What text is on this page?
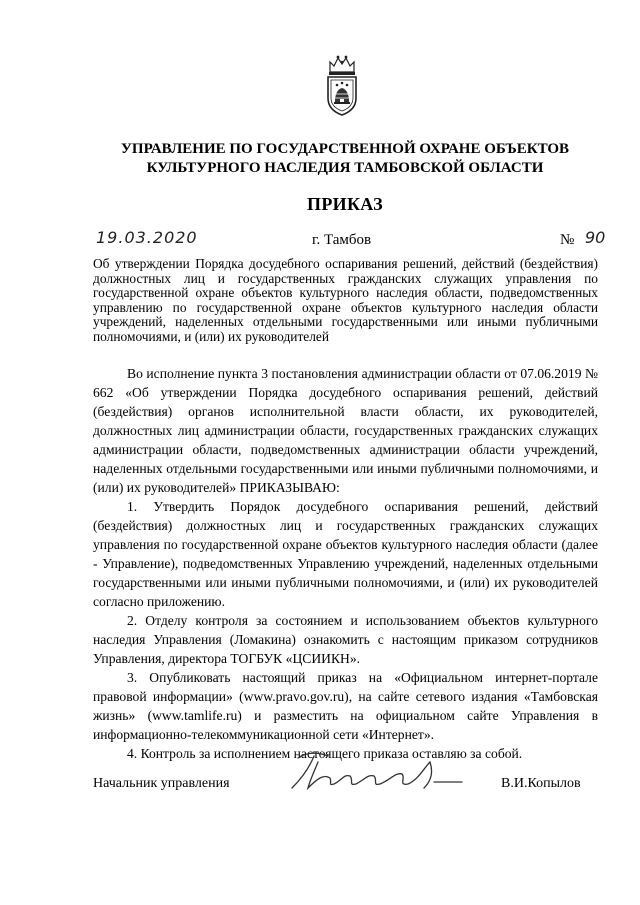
УПРАВЛЕНИЕ ПО ГОСУДАРСТВЕННОЙ ОХРАНЕ ОБЪЕКТОВ
КУЛЬТУРНОГО НАСЛЕДИЯ ТАМБОВСКОЙ ОБЛАСТИ
ПРИКАЗ
19.03.2020	г. Тамбов	№ 90
Об утверждении Порядка досудебного оспаривания решений, действий (бездействия) должностных лиц и государственных гражданских служащих управления по государственной охране объектов культурного наследия области, подведомственных управлению по государственной охране объектов культурного наследия области учреждений, наделенных отдельными государственными или иными публичными полномочиями, и (или) их руководителей

Во исполнение пункта 3 постановления администрации области от 07.06.2019 № 662 «Об утверждении Порядка досудебного оспаривания решений, действий (бездействия) органов исполнительной власти области, их руководителей, должностных лиц администрации области, государственных гражданских служащих администрации области, подведомственных администрации области учреждений, наделенных отдельными государственными или иными публичными полномочиями, и (или) их руководителей» ПРИКАЗЫВАЮ:

1. Утвердить Порядок досудебного оспаривания решений, действий (бездействия) должностных лиц и государственных гражданских служащих управления по государственной охране объектов культурного наследия области (далее - Управление), подведомственных Управлению учреждений, наделенных отдельными государственными или иными публичными полномочиями, и (или) их руководителей согласно приложению.

2. Отделу контроля за состоянием и использованием объектов культурного наследия Управления (Ломакина) ознакомить с настоящим приказом сотрудников Управления, директора ТОГБУК «ЦСИИКН».

3. Опубликовать настоящий приказ на «Официальном интернет-портале правовой информации» (www.pravo.gov.ru), на сайте сетевого издания «Тамбовская жизнь» (www.tamlife.ru) и разместить на официальном сайте Управления в информационно-телекоммуникационной сети «Интернет».

4. Контроль за исполнением настоящего приказа оставляю за собой.

Начальник управления	В.И.Копылов
